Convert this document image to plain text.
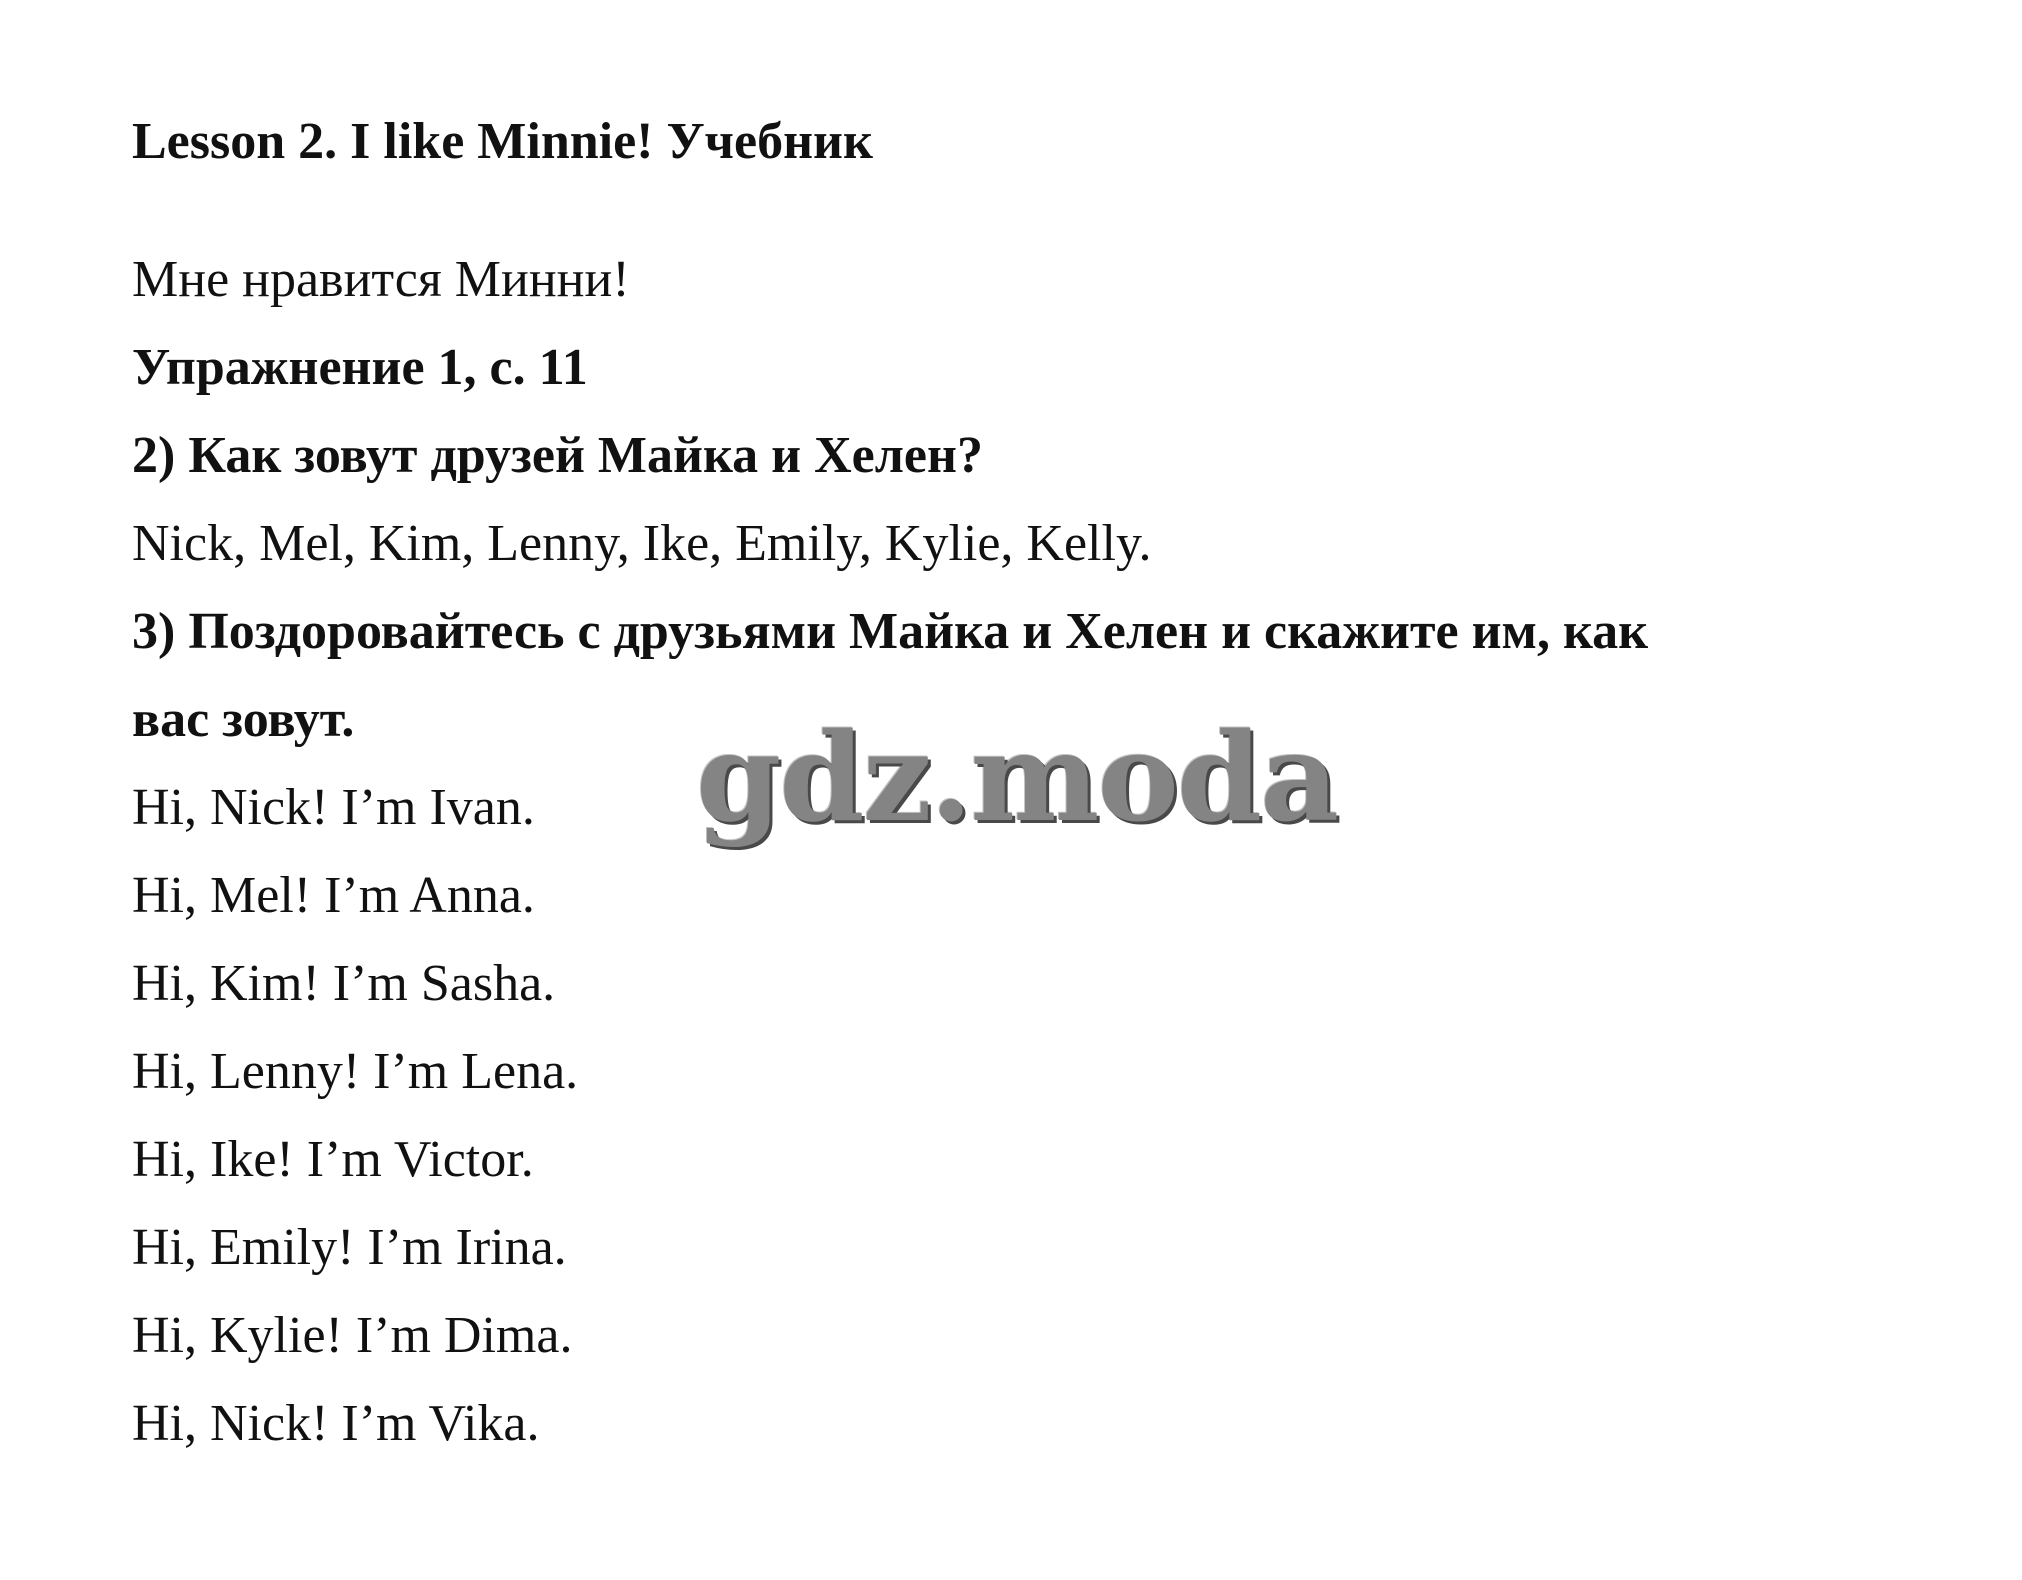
Lesson 2. I like Minnie! Учебник
Мне нравится Минни!
Упражнение 1, с. 11
2) Как зовут друзей Майка и Хелен?
Nick, Mel, Kim, Lenny, Ike, Emily, Kylie, Kelly.
3) Поздоровайтесь с друзьями Майка и Хелен и скажите им, как
вас зовут.
Hi, Nick! I’m Ivan.
Hi, Mel! I’m Anna.
Hi, Kim! I’m Sasha.
Hi, Lenny! I’m Lena.
Hi, Ike! I’m Victor.
Hi, Emily! I’m Irina.
Hi, Kylie! I’m Dima.
Hi, Nick! I’m Vika.
gdz.moda
